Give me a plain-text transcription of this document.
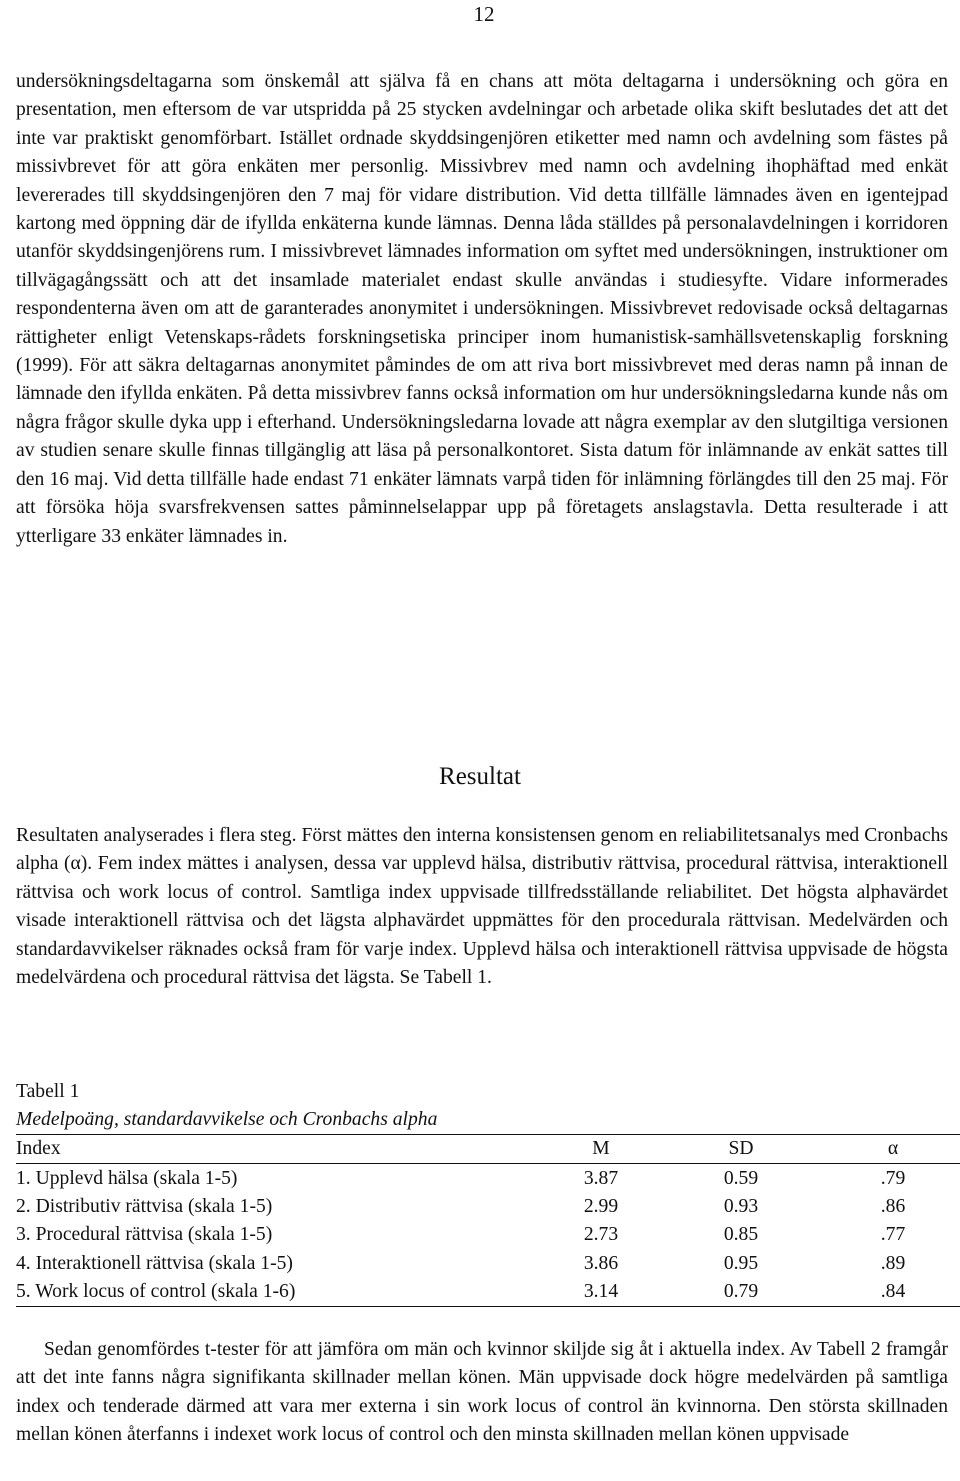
12

undersökningsdeltagarna som önskemål att själva få en chans att möta deltagarna i undersökning och göra en presentation, men eftersom de var utspridda på 25 stycken avdelningar och arbetade olika skift beslutades det att det inte var praktiskt genomförbart. Istället ordnade skyddsingenjören etiketter med namn och avdelning som fästes på missivbrevet för att göra enkäten mer personlig. Missivbrev med namn och avdelning ihophäftad med enkät levererades till skyddsingenjören den 7 maj för vidare distribution. Vid detta tillfälle lämnades även en igentejpad kartong med öppning där de ifyllda enkäterna kunde lämnas. Denna låda ställdes på personalavdelningen i korridoren utanför skyddsingenjörens rum. I missivbrevet lämnades information om syftet med undersökningen, instruktioner om tillvägagångssätt och att det insamlade materialet endast skulle användas i studiesyfte. Vidare informerades respondenterna även om att de garanterades anonymitet i undersökningen. Missivbrevet redovisade också deltagarnas rättigheter enligt Vetenskaps-rådets forskningsetiska principer inom humanistisk-samhällsvetenskaplig forskning (1999). För att säkra deltagarnas anonymitet påmindes de om att riva bort missivbrevet med deras namn på innan de lämnade den ifyllda enkäten. På detta missivbrev fanns också information om hur undersökningsledarna kunde nås om några frågor skulle dyka upp i efterhand. Undersökningsledarna lovade att några exemplar av den slutgiltiga versionen av studien senare skulle finnas tillgänglig att läsa på personalkontoret. Sista datum för inlämnande av enkät sattes till den 16 maj. Vid detta tillfälle hade endast 71 enkäter lämnats varpå tiden för inlämning förlängdes till den 25 maj. För att försöka höja svarsfrekvensen sattes påminnelselappar upp på företagets anslagstavla. Detta resulterade i att ytterligare 33 enkäter lämnades in.

Resultat

Resultaten analyserades i flera steg. Först mättes den interna konsistensen genom en reliabilitetsanalys med Cronbachs alpha (α). Fem index mättes i analysen, dessa var upplevd hälsa, distributiv rättvisa, procedural rättvisa, interaktionell rättvisa och work locus of control. Samtliga index uppvisade tillfredsställande reliabilitet. Det högsta alphavärdet visade interaktionell rättvisa och det lägsta alphavärdet uppmättes för den procedurala rättvisan. Medelvärden och standardavvikelser räknades också fram för varje index. Upplevd hälsa och interaktionell rättvisa uppvisade de högsta medelvärdena och procedural rättvisa det lägsta. Se Tabell 1.

Tabell 1
Medelpoäng, standardavvikelse och Cronbachs alpha
Index	M	SD	α
1. Upplevd hälsa (skala 1-5)	3.87	0.59	.79
2. Distributiv rättvisa (skala 1-5)	2.99	0.93	.86
3. Procedural rättvisa (skala 1-5)	2.73	0.85	.77
4. Interaktionell rättvisa (skala 1-5)	3.86	0.95	.89
5. Work locus of control (skala 1-6)	3.14	0.79	.84

Sedan genomfördes t-tester för att jämföra om män och kvinnor skiljde sig åt i aktuella index. Av Tabell 2 framgår att det inte fanns några signifikanta skillnader mellan könen. Män uppvisade dock högre medelvärden på samtliga index och tenderade därmed att vara mer externa i sin work locus of control än kvinnorna. Den största skillnaden mellan könen återfanns i indexet work locus of control och den minsta skillnaden mellan könen uppvisade
